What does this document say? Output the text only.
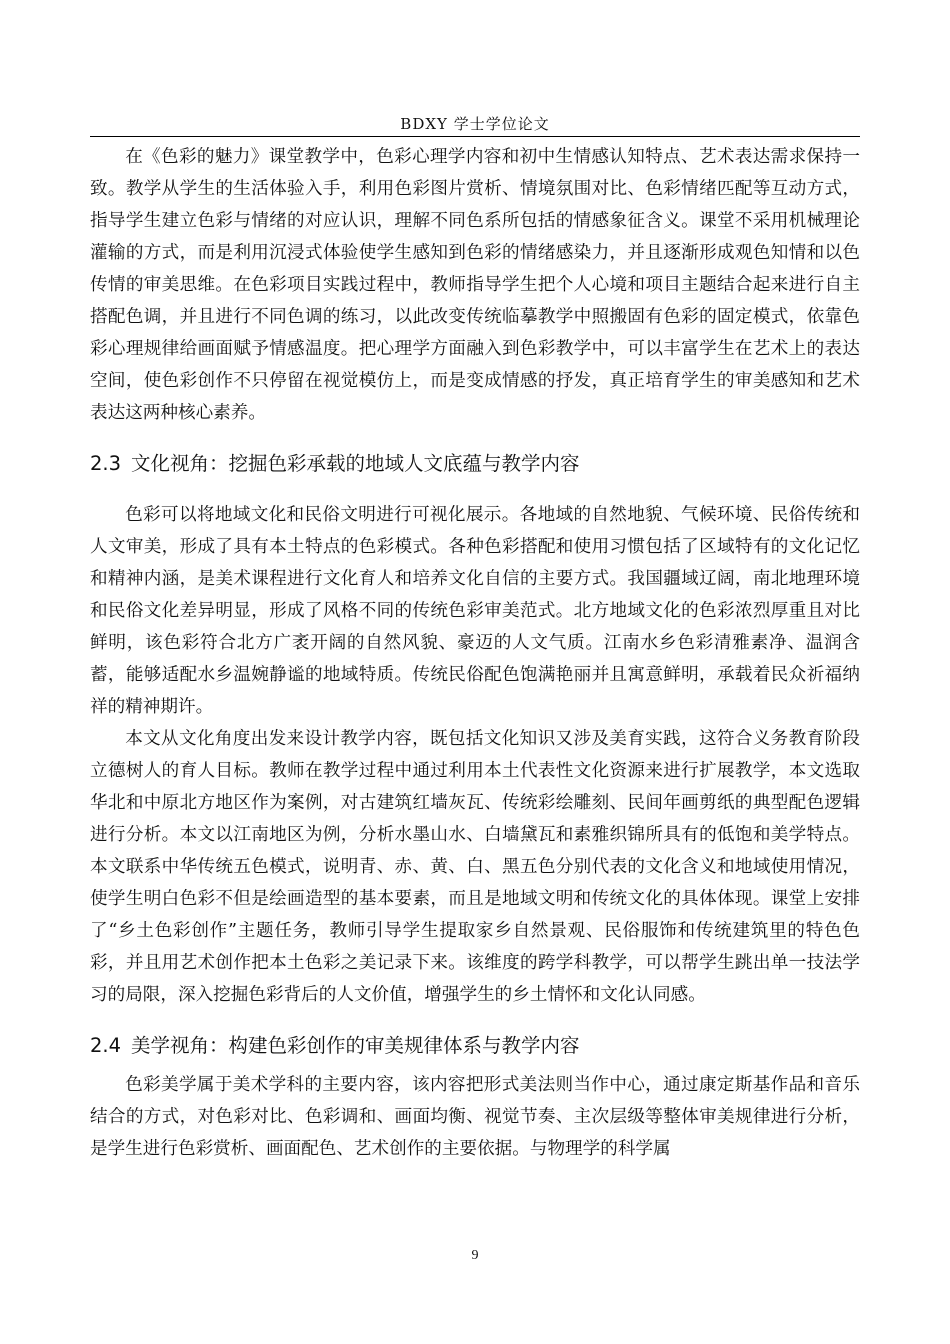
BDXY 学士学位论文

在《色彩的魅力》课堂教学中，色彩心理学内容和初中生情感认知特点、艺术表达需求保持一致。教学从学生的生活体验入手，利用色彩图片赏析、情境氛围对比、色彩情绪匹配等互动方式，指导学生建立色彩与情绪的对应认识，理解不同色系所包括的情感象征含义。课堂不采用机械理论灌输的方式，而是利用沉浸式体验使学生感知到色彩的情绪感染力，并且逐渐形成观色知情和以色传情的审美思维。在色彩项目实践过程中，教师指导学生把个人心境和项目主题结合起来进行自主搭配色调，并且进行不同色调的练习，以此改变传统临摹教学中照搬固有色彩的固定模式，依靠色彩心理规律给画面赋予情感温度。把心理学方面融入到色彩教学中，可以丰富学生在艺术上的表达空间，使色彩创作不只停留在视觉模仿上，而是变成情感的抒发，真正培育学生的审美感知和艺术表达这两种核心素养。

2.3 文化视角：挖掘色彩承载的地域人文底蕴与教学内容

色彩可以将地域文化和民俗文明进行可视化展示。各地域的自然地貌、气候环境、民俗传统和人文审美，形成了具有本土特点的色彩模式。各种色彩搭配和使用习惯包括了区域特有的文化记忆和精神内涵，是美术课程进行文化育人和培养文化自信的主要方式。我国疆域辽阔，南北地理环境和民俗文化差异明显，形成了风格不同的传统色彩审美范式。北方地域文化的色彩浓烈厚重且对比鲜明，该色彩符合北方广袤开阔的自然风貌、豪迈的人文气质。江南水乡色彩清雅素净、温润含蓄，能够适配水乡温婉静谧的地域特质。传统民俗配色饱满艳丽并且寓意鲜明，承载着民众祈福纳祥的精神期许。

本文从文化角度出发来设计教学内容，既包括文化知识又涉及美育实践，这符合义务教育阶段立德树人的育人目标。教师在教学过程中通过利用本土代表性文化资源来进行扩展教学，本文选取华北和中原北方地区作为案例，对古建筑红墙灰瓦、传统彩绘雕刻、民间年画剪纸的典型配色逻辑进行分析。本文以江南地区为例，分析水墨山水、白墙黛瓦和素雅织锦所具有的低饱和美学特点。本文联系中华传统五色模式，说明青、赤、黄、白、黑五色分别代表的文化含义和地域使用情况，使学生明白色彩不但是绘画造型的基本要素，而且是地域文明和传统文化的具体体现。课堂上安排了“乡土色彩创作”主题任务，教师引导学生提取家乡自然景观、民俗服饰和传统建筑里的特色色彩，并且用艺术创作把本土色彩之美记录下来。该维度的跨学科教学，可以帮学生跳出单一技法学习的局限，深入挖掘色彩背后的人文价值，增强学生的乡土情怀和文化认同感。

2.4 美学视角：构建色彩创作的审美规律体系与教学内容

色彩美学属于美术学科的主要内容，该内容把形式美法则当作中心，通过康定斯基作品和音乐结合的方式，对色彩对比、色彩调和、画面均衡、视觉节奏、主次层级等整体审美规律进行分析，是学生进行色彩赏析、画面配色、艺术创作的主要依据。与物理学的科学属

9
